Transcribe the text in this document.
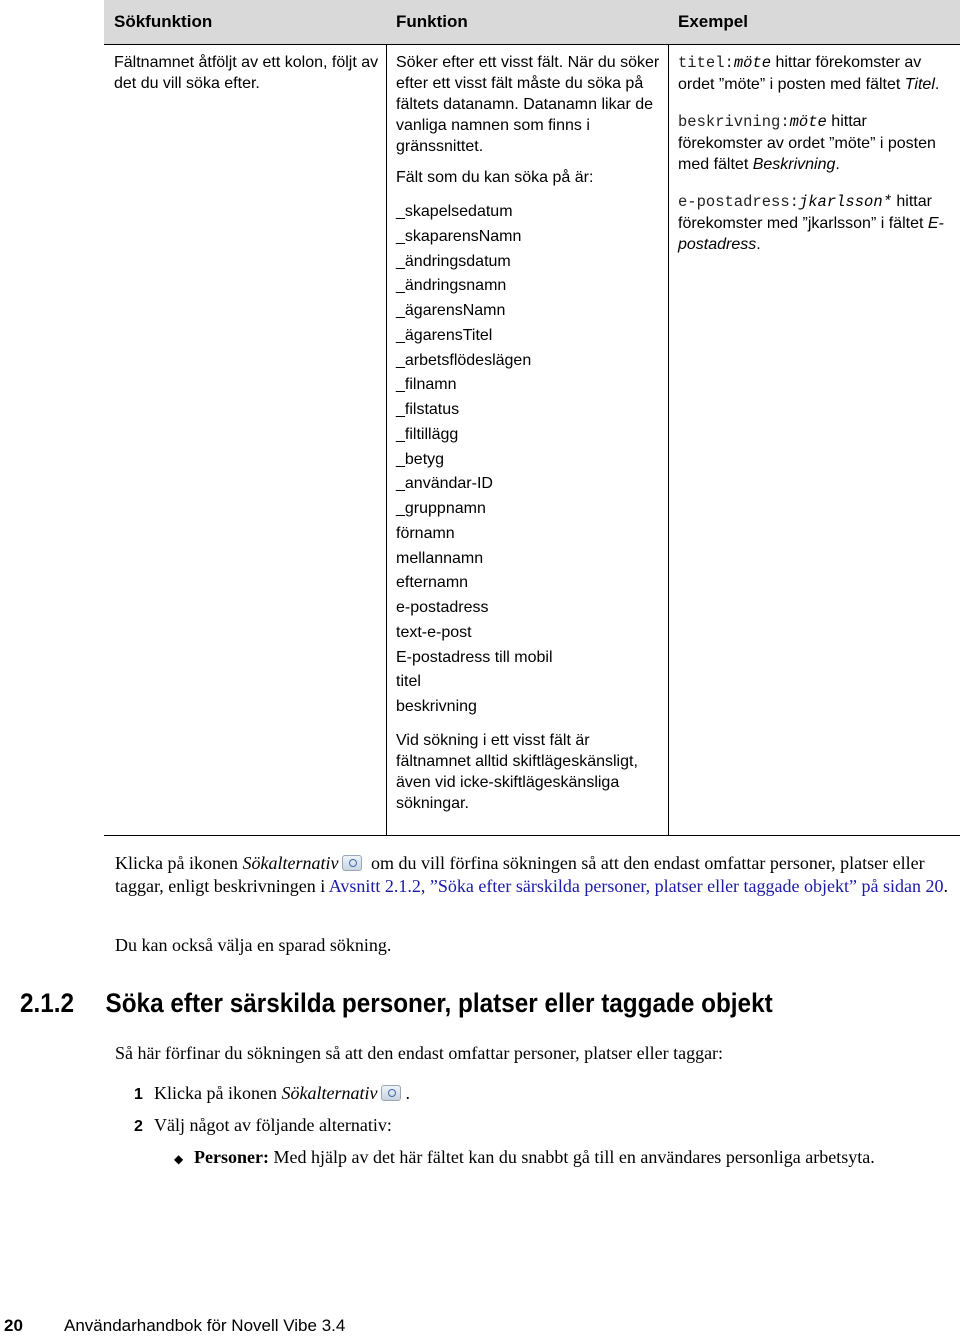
Sökfunktion	Funktion	Exempel

Fältnamnet åtföljt av ett kolon, följt av det du vill söka efter.

Söker efter ett visst fält. När du söker efter ett visst fält måste du söka på fältets datanamn. Datanamn likar de vanliga namnen som finns i gränssnittet.

Fält som du kan söka på är:

_skapelsedatum
_skaparensNamn
_ändringsdatum
_ändringsnamn
_ägarensNamn
_ägarensTitel
_arbetsflödeslägen
_filnamn
_filstatus
_filtillägg
_betyg
_användar-ID
_gruppnamn
förnamn
mellannamn
efternamn
e-postadress
text-e-post
E-postadress till mobil
titel
beskrivning

Vid sökning i ett visst fält är fältnamnet alltid skiftlägeskänsligt, även vid icke-skiftlägeskänsliga sökningar.

titel:möte hittar förekomster av ordet ”möte” i posten med fältet Titel.

beskrivning:möte hittar förekomster av ordet ”möte” i posten med fältet Beskrivning.

e-postadress:jkarlsson* hittar förekomster med ”jkarlsson” i fältet E-postadress.

Klicka på ikonen Sökalternativ om du vill förfina sökningen så att den endast omfattar personer, platser eller taggar, enligt beskrivningen i Avsnitt 2.1.2, ”Söka efter särskilda personer, platser eller taggade objekt” på sidan 20.
Du kan också välja en sparad sökning.
2.1.2 Söka efter särskilda personer, platser eller taggade objekt
Så här förfinar du sökningen så att den endast omfattar personer, platser eller taggar:
1 Klicka på ikonen Sökalternativ .
2 Välj något av följande alternativ:
◆ Personer: Med hjälp av det här fältet kan du snabbt gå till en användares personliga arbetsyta.
20 Användarhandbok för Novell Vibe 3.4
